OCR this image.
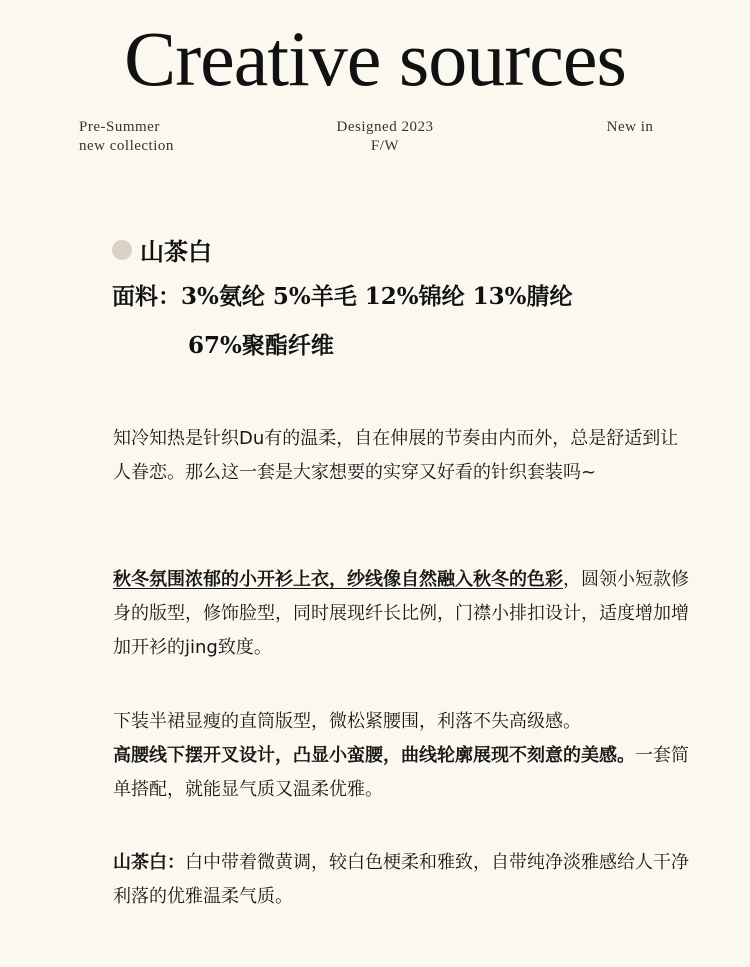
Creative sources
Pre-Summer
new collection
Designed 2023
F/W
New in
山茶白
面料：3%氨纶 5%羊毛 12%锦纶 13%腈纶
67%聚酯纤维
知冷知热是针织Du有的温柔，自在伸展的节奏由内而外，总是舒适到让人眷恋。那么这一套是大家想要的实穿又好看的针织套装吗~
秋冬氛围浓郁的小开衫上衣，纱线像自然融入秋冬的色彩，圆领小短款修身的版型，修饰脸型，同时展现纤长比例，门襟小排扣设计，适度增加增加开衫的jing致度。
下装半裙显瘦的直筒版型，微松紧腰围，利落不失高级感。
高腰线下摆开叉设计，凸显小蛮腰，曲线轮廓展现不刻意的美感。一套简单搭配，就能显气质又温柔优雅。
山茶白：白中带着微黄调，较白色梗柔和雅致，自带纯净淡雅感给人干净利落的优雅温柔气质。
